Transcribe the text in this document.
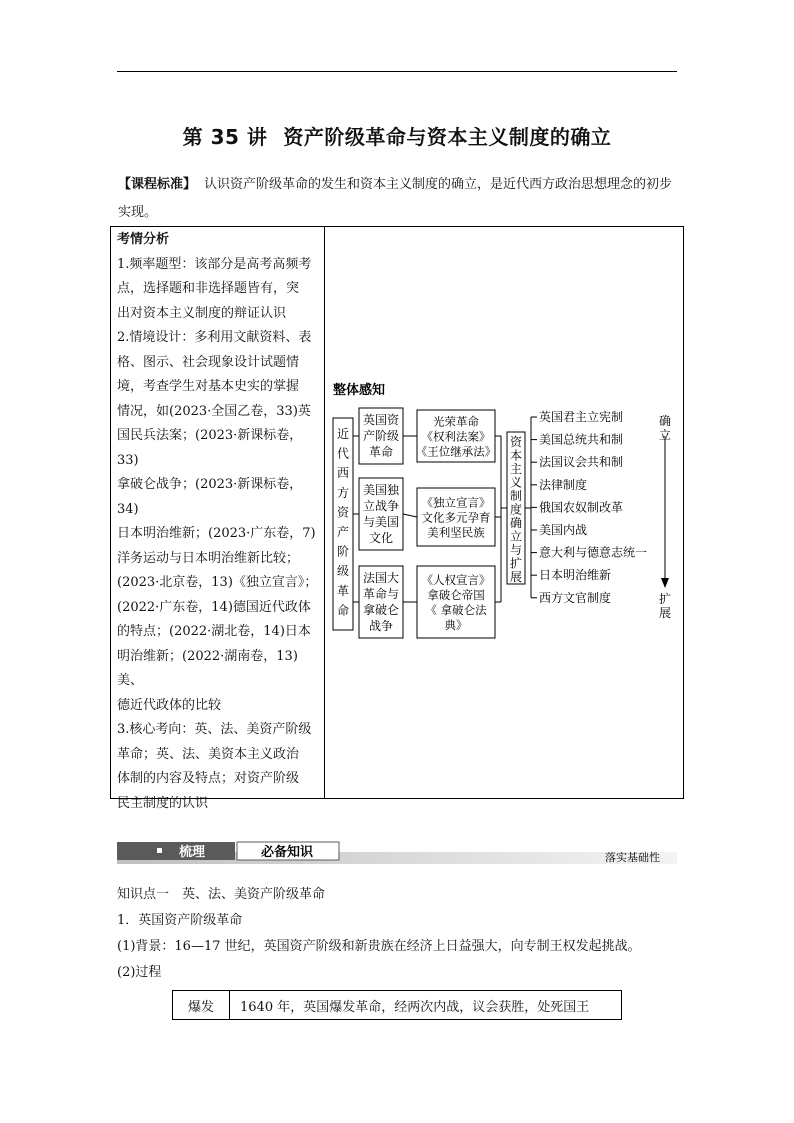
第 35 讲 资产阶级革命与资本主义制度的确立
【课程标准】 认识资产阶级革命的发生和资本主义制度的确立，是近代西方政治思想理念的初步实现。

考情分析

1.频率题型：该部分是高考高频考

点，选择题和非选择题皆有，突

出对资本主义制度的辩证认识

2.情境设计：多利用文献资料、表

格、图示、社会现象设计试题情

境，考查学生对基本史实的掌握

情况，如(2023·全国乙卷，33)英

国民兵法案；(2023·新课标卷，33)

拿破仑战争；(2023·新课标卷，34)

日本明治维新；(2023·广东卷，7)

洋务运动与日本明治维新比较；

(2023·北京卷，13)《独立宣言》；

(2022·广东卷，14)德国近代政体

的特点；(2022·湖北卷，14)日本

明治维新；(2022·湖南卷，13)美、

德近代政体的比较

3.核心考向：英、法、美资产阶级

革命；英、法、美资本主义政治

体制的内容及特点；对资产阶级

民主制度的认识

整体感知
近
代
西
方
资
产
阶
级
革
命
英国资
产阶级
革命
美国独
立战争
与美国
文化
法国大
革命与
拿破仑
战争
光荣革命
《权利法案》
《王位继承法》
《独立宣言》
文化多元孕育
美利坚民族
《人权宣言》
拿破仑帝国
《 拿破仑法
典》
资
本
主
义
制
度
确
立
与
扩
展
英国君主立宪制
美国总统共和制
法国议会共和制
法律制度
俄国农奴制改革
美国内战
意大利与德意志统一
日本明治维新
西方文官制度
确
立
扩
展
梳理	必备知识	落实基础性

知识点一　英、法、美资产阶级革命

1．英国资产阶级革命

(1)背景：16—17 世纪，英国资产阶级和新贵族在经济上日益强大，向专制王权发起挑战。

(2)过程

爆发	1640 年，英国爆发革命，经两次内战，议会获胜，处死国王
